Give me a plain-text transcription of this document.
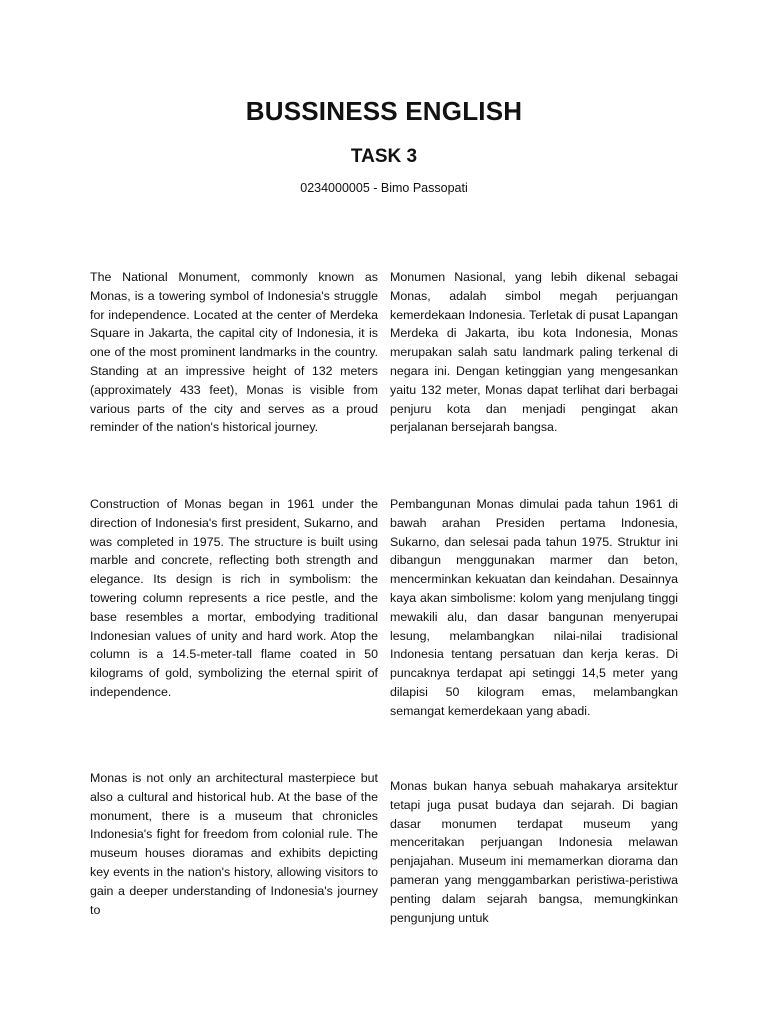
BUSSINESS ENGLISH
TASK 3

0234000005 - Bimo Passopati

The National Monument, commonly known as Monas, is a towering symbol of Indonesia's struggle for independence. Located at the center of Merdeka Square in Jakarta, the capital city of Indonesia, it is one of the most prominent landmarks in the country. Standing at an impressive height of 132 meters (approximately 433 feet), Monas is visible from various parts of the city and serves as a proud reminder of the nation's historical journey.

Monumen Nasional, yang lebih dikenal sebagai Monas, adalah simbol megah perjuangan kemerdekaan Indonesia. Terletak di pusat Lapangan Merdeka di Jakarta, ibu kota Indonesia, Monas merupakan salah satu landmark paling terkenal di negara ini. Dengan ketinggian yang mengesankan yaitu 132 meter, Monas dapat terlihat dari berbagai penjuru kota dan menjadi pengingat akan perjalanan bersejarah bangsa.

Construction of Monas began in 1961 under the direction of Indonesia's first president, Sukarno, and was completed in 1975. The structure is built using marble and concrete, reflecting both strength and elegance. Its design is rich in symbolism: the towering column represents a rice pestle, and the base resembles a mortar, embodying traditional Indonesian values of unity and hard work. Atop the column is a 14.5-meter-tall flame coated in 50 kilograms of gold, symbolizing the eternal spirit of independence.

Pembangunan Monas dimulai pada tahun 1961 di bawah arahan Presiden pertama Indonesia, Sukarno, dan selesai pada tahun 1975. Struktur ini dibangun menggunakan marmer dan beton, mencerminkan kekuatan dan keindahan. Desainnya kaya akan simbolisme: kolom yang menjulang tinggi mewakili alu, dan dasar bangunan menyerupai lesung, melambangkan nilai-nilai tradisional Indonesia tentang persatuan dan kerja keras. Di puncaknya terdapat api setinggi 14,5 meter yang dilapisi 50 kilogram emas, melambangkan semangat kemerdekaan yang abadi.

Monas is not only an architectural masterpiece but also a cultural and historical hub. At the base of the monument, there is a museum that chronicles Indonesia's fight for freedom from colonial rule. The museum houses dioramas and exhibits depicting key events in the nation's history, allowing visitors to gain a deeper understanding of Indonesia's journey to

Monas bukan hanya sebuah mahakarya arsitektur tetapi juga pusat budaya dan sejarah. Di bagian dasar monumen terdapat museum yang menceritakan perjuangan Indonesia melawan penjajahan. Museum ini memamerkan diorama dan pameran yang menggambarkan peristiwa-peristiwa penting dalam sejarah bangsa, memungkinkan pengunjung untuk
